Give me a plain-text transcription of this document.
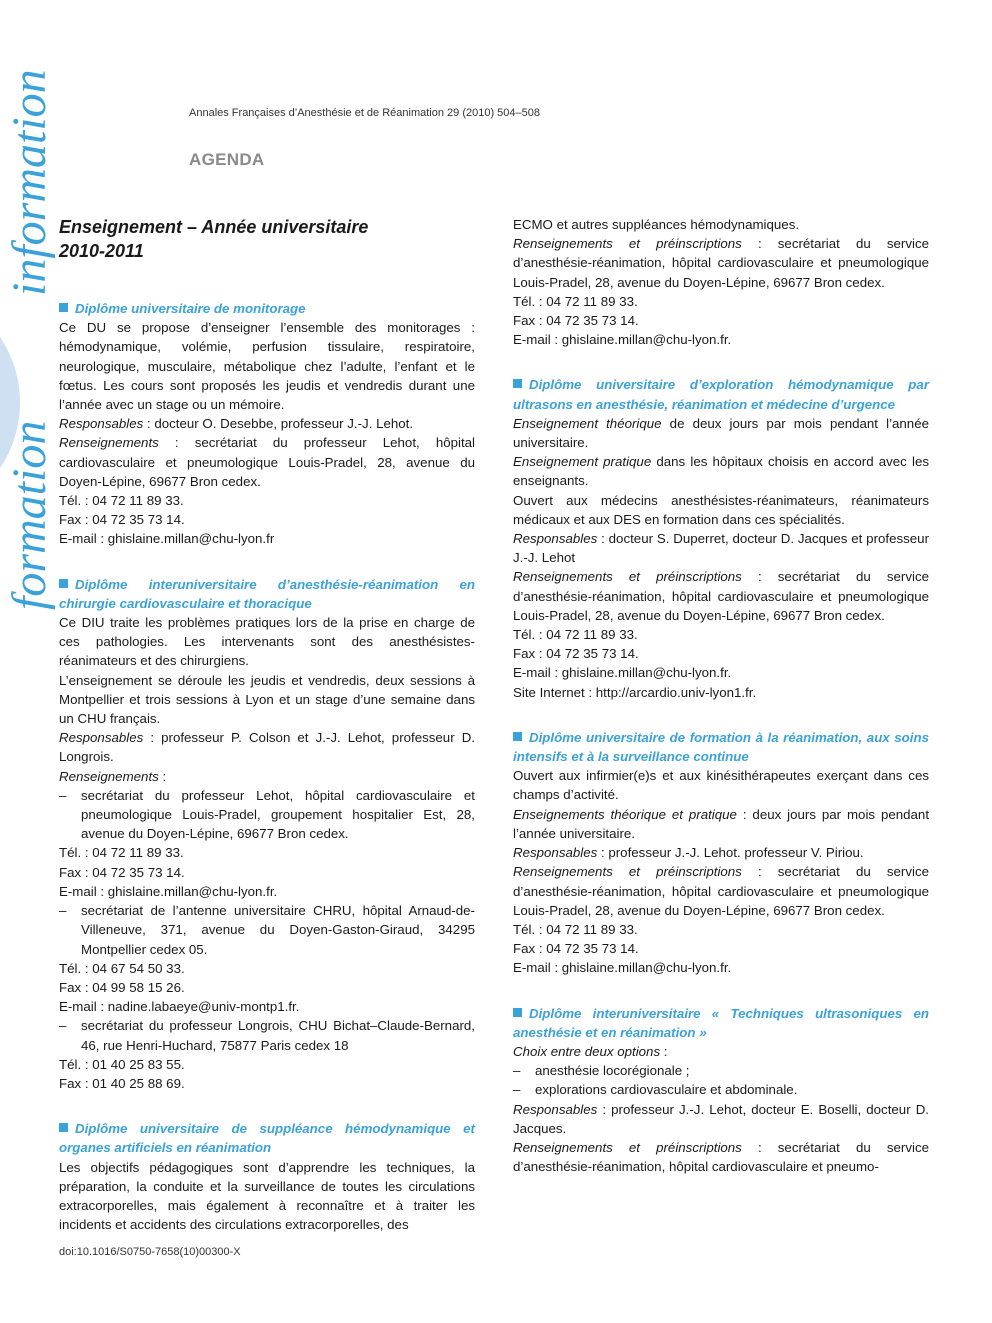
information
formation
Annales Françaises d’Anesthésie et de Réanimation 29 (2010) 504–508
AGENDA
Enseignement – Année universitaire
2010-2011

Diplôme universitaire de monitorage

Ce DU se propose d’enseigner l’ensemble des monitorages : hémodynamique, volémie, perfusion tissulaire, respiratoire, neurologique, musculaire, métabolique chez l’adulte, l’enfant et le fœtus. Les cours sont proposés les jeudis et vendredis durant une l’année avec un stage ou un mémoire.

Responsables : docteur O. Desebbe, professeur J.-J. Lehot.

Renseignements : secrétariat du professeur Lehot, hôpital cardiovasculaire et pneumologique Louis-Pradel, 28, avenue du Doyen-Lépine, 69677 Bron cedex.

Tél. : 04 72 11 89 33.

Fax : 04 72 35 73 14.

E-mail : ghislaine.millan@chu-lyon.fr

Diplôme interuniversitaire d’anesthésie-réanimation en chirurgie cardiovasculaire et thoracique

Ce DIU traite les problèmes pratiques lors de la prise en charge de ces pathologies. Les intervenants sont des anesthésistes-réanimateurs et des chirurgiens.

L’enseignement se déroule les jeudis et vendredis, deux sessions à Montpellier et trois sessions à Lyon et un stage d’une semaine dans un CHU français.

Responsables : professeur P. Colson et J.-J. Lehot, professeur D. Longrois.

Renseignements :

–	secrétariat du professeur Lehot, hôpital cardiovasculaire et pneumologique Louis-Pradel, groupement hospitalier Est, 28, avenue du Doyen-Lépine, 69677 Bron cedex.

Tél. : 04 72 11 89 33.

Fax : 04 72 35 73 14.

E-mail : ghislaine.millan@chu-lyon.fr.

–	secrétariat de l’antenne universitaire CHRU, hôpital Arnaud-de-Villeneuve, 371, avenue du Doyen-Gaston-Giraud, 34295 Montpellier cedex 05.

Tél. : 04 67 54 50 33.

Fax : 04 99 58 15 26.

E-mail : nadine.labaeye@univ-montp1.fr.

–	secrétariat du professeur Longrois, CHU Bichat–Claude-Bernard, 46, rue Henri-Huchard, 75877 Paris cedex 18

Tél. : 01 40 25 83 55.

Fax : 01 40 25 88 69.

Diplôme universitaire de suppléance hémodynamique et organes artificiels en réanimation

Les objectifs pédagogiques sont d’apprendre les techniques, la préparation, la conduite et la surveillance de toutes les circulations extracorporelles, mais également à reconnaître et à traiter les incidents et accidents des circulations extracorporelles, des

ECMO et autres suppléances hémodynamiques.

Renseignements et préinscriptions : secrétariat du service d’anesthésie-réanimation, hôpital cardiovasculaire et pneumologique Louis-Pradel, 28, avenue du Doyen-Lépine, 69677 Bron cedex.

Tél. : 04 72 11 89 33.

Fax : 04 72 35 73 14.

E-mail : ghislaine.millan@chu-lyon.fr.

Diplôme universitaire d’exploration hémodynamique par ultrasons en anesthésie, réanimation et médecine d’urgence

Enseignement théorique de deux jours par mois pendant l’année universitaire.

Enseignement pratique dans les hôpitaux choisis en accord avec les enseignants.

Ouvert aux médecins anesthésistes-réanimateurs, réanimateurs médicaux et aux DES en formation dans ces spécialités.

Responsables : docteur S. Duperret, docteur D. Jacques et professeur J.-J. Lehot

Renseignements et préinscriptions : secrétariat du service d’anesthésie-réanimation, hôpital cardiovasculaire et pneumologique Louis-Pradel, 28, avenue du Doyen-Lépine, 69677 Bron cedex.

Tél. : 04 72 11 89 33.

Fax : 04 72 35 73 14.

E-mail : ghislaine.millan@chu-lyon.fr.

Site Internet : http://arcardio.univ-lyon1.fr.

Diplôme universitaire de formation à la réanimation, aux soins intensifs et à la surveillance continue

Ouvert aux infirmier(e)s et aux kinésithérapeutes exerçant dans ces champs d’activité.

Enseignements théorique et pratique : deux jours par mois pendant l’année universitaire.

Responsables : professeur J.-J. Lehot. professeur V. Piriou.

Renseignements et préinscriptions : secrétariat du service d’anesthésie-réanimation, hôpital cardiovasculaire et pneumologique Louis-Pradel, 28, avenue du Doyen-Lépine, 69677 Bron cedex.

Tél. : 04 72 11 89 33.

Fax : 04 72 35 73 14.

E-mail : ghislaine.millan@chu-lyon.fr.

Diplôme interuniversitaire « Techniques ultrasoniques en anesthésie et en réanimation »

Choix entre deux options :

–	anesthésie locorégionale ;
–	explorations cardiovasculaire et abdominale.

Responsables : professeur J.-J. Lehot, docteur E. Boselli, docteur D. Jacques.

Renseignements et préinscriptions : secrétariat du service d’anesthésie-réanimation, hôpital cardiovasculaire et pneumo-

doi:10.1016/S0750-7658(10)00300-X
